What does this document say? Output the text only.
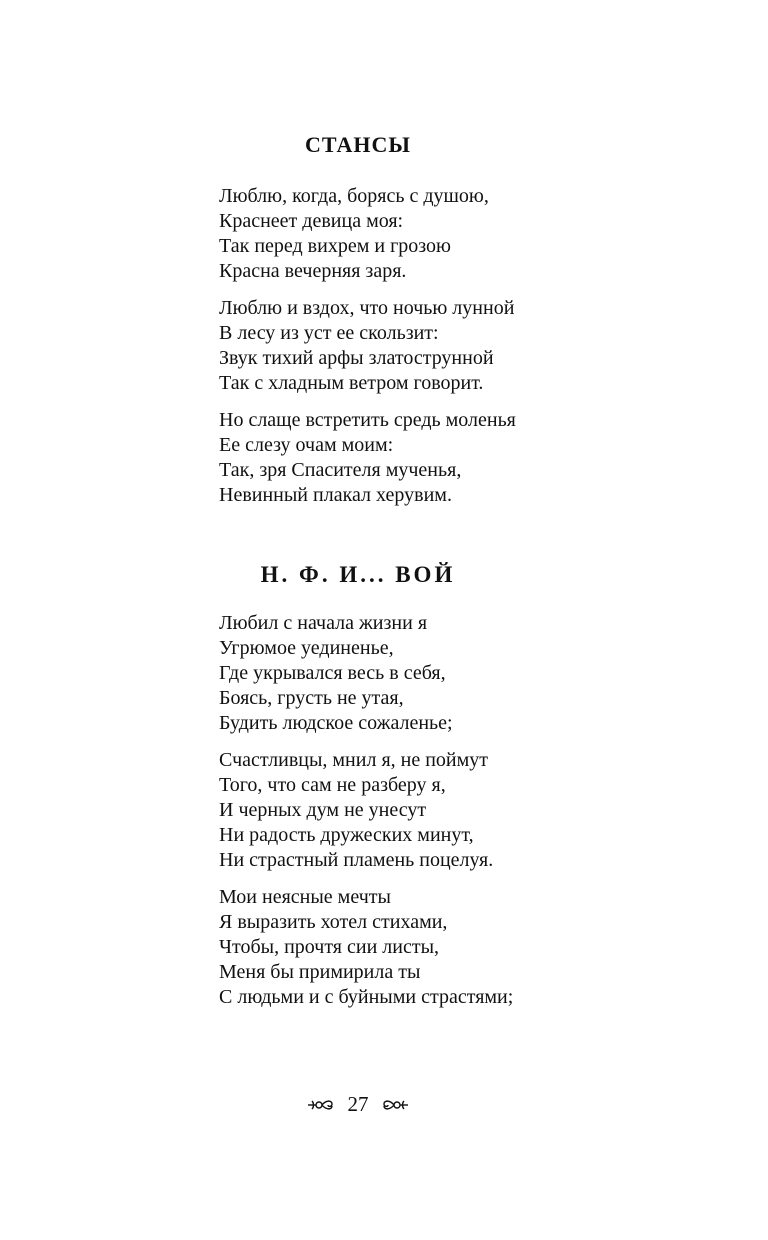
СТАНСЫ
Люблю, когда, борясь с душою,
Краснеет девица моя:
Так перед вихрем и грозою
Красна вечерняя заря.
Люблю и вздох, что ночью лунной
В лесу из уст ее скользит:
Звук тихий арфы златострунной
Так с хладным ветром говорит.
Но слаще встретить средь моленья
Ее слезу очам моим:
Так, зря Спасителя мученья,
Невинный плакал херувим.
Н. Ф. И... ВОЙ
Любил с начала жизни я
Угрюмое уединенье,
Где укрывался весь в себя,
Боясь, грусть не утая,
Будить людское сожаленье;
Счастливцы, мнил я, не поймут
Того, что сам не разберу я,
И черных дум не унесут
Ни радость дружеских минут,
Ни страстный пламень поцелуя.
Мои неясные мечты
Я выразить хотел стихами,
Чтобы, прочтя сии листы,
Меня бы примирила ты
С людьми и с буйными страстями;
27
